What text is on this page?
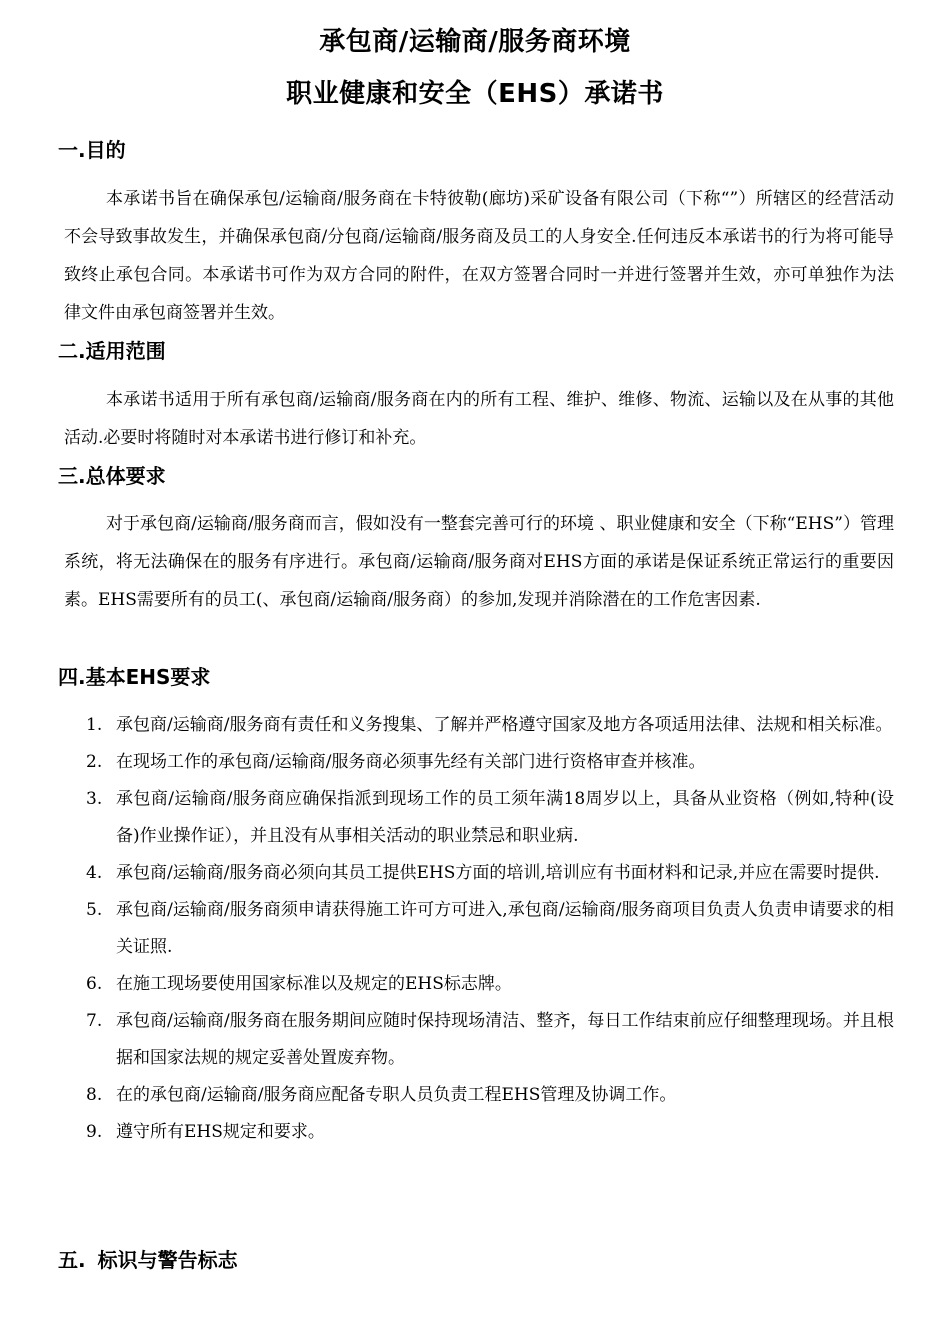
承包商/运输商/服务商环境
职业健康和安全（EHS）承诺书
一.目的

本承诺书旨在确保承包/运输商/服务商在卡特彼勒(廊坊)采矿设备有限公司（下称“”）所辖区的经营活动不会导致事故发生，并确保承包商/分包商/运输商/服务商及员工的人身安全.任何违反本承诺书的行为将可能导致终止承包合同。本承诺书可作为双方合同的附件，在双方签署合同时一并进行签署并生效，亦可单独作为法律文件由承包商签署并生效。

二.适用范围

本承诺书适用于所有承包商/运输商/服务商在内的所有工程、维护、维修、物流、运输以及在从事的其他活动.必要时将随时对本承诺书进行修订和补充。

三.总体要求

对于承包商/运输商/服务商而言，假如没有一整套完善可行的环境 、职业健康和安全（下称“EHS”）管理系统，将无法确保在的服务有序进行。承包商/运输商/服务商对EHS方面的承诺是保证系统正常运行的重要因素。EHS需要所有的员工(、承包商/运输商/服务商）的参加,发现并消除潜在的工作危害因素.

四.基本EHS要求
1. 承包商/运输商/服务商有责任和义务搜集、了解并严格遵守国家及地方各项适用法律、法规和相关标准。
2. 在现场工作的承包商/运输商/服务商必须事先经有关部门进行资格审查并核准。
3. 承包商/运输商/服务商应确保指派到现场工作的员工须年满18周岁以上，具备从业资格（例如,特种(设备)作业操作证），并且没有从事相关活动的职业禁忌和职业病.
4. 承包商/运输商/服务商必须向其员工提供EHS方面的培训,培训应有书面材料和记录,并应在需要时提供.
5. 承包商/运输商/服务商须申请获得施工许可方可进入,承包商/运输商/服务商项目负责人负责申请要求的相关证照.
6. 在施工现场要使用国家标准以及规定的EHS标志牌。
7. 承包商/运输商/服务商在服务期间应随时保持现场清洁、整齐，每日工作结束前应仔细整理现场。并且根据和国家法规的规定妥善处置废弃物。
8. 在的承包商/运输商/服务商应配备专职人员负责工程EHS管理及协调工作。
9. 遵守所有EHS规定和要求。
五. 标识与警告标志
